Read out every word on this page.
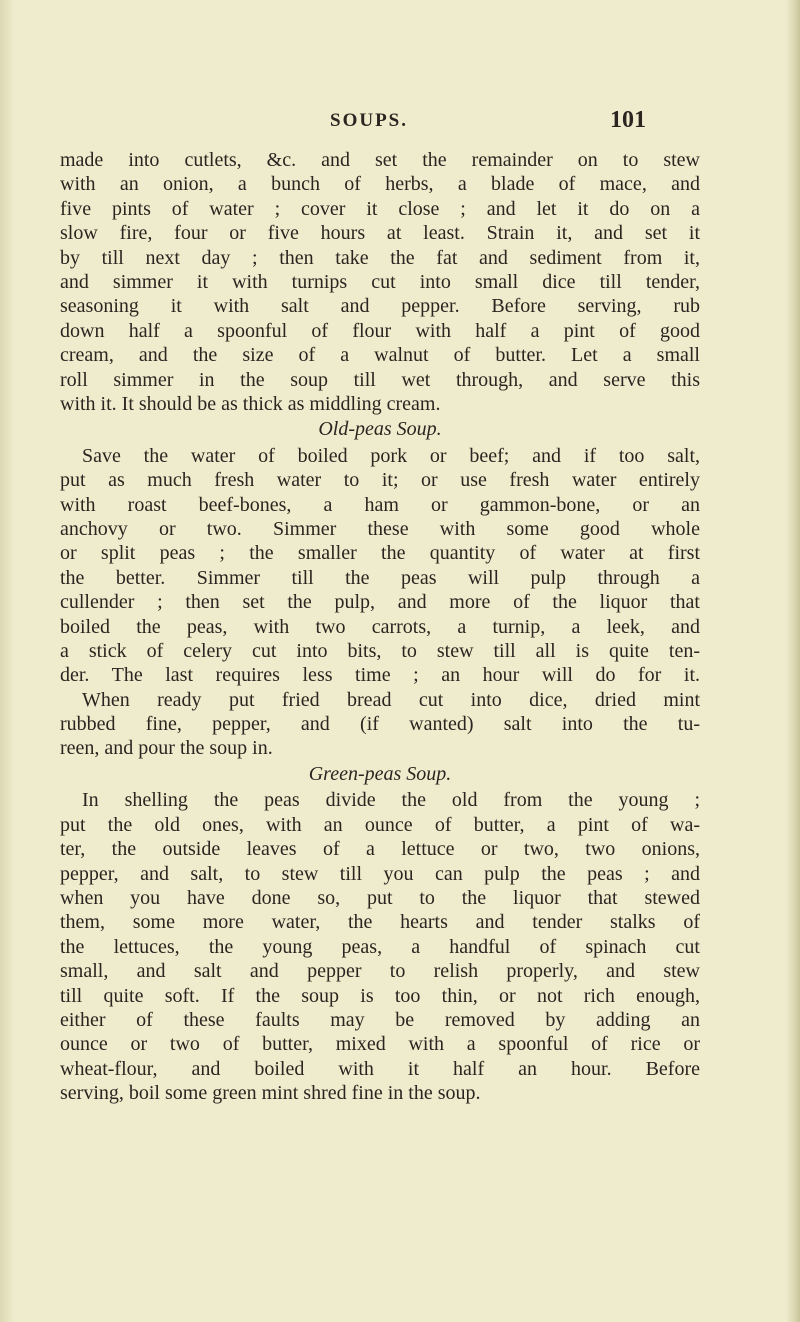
SOUPS.	101
made into cutlets, &c. and set the remainder on to stew
with an onion, a bunch of herbs, a blade of mace, and
five pints of water ; cover it close ; and let it do on a
slow fire, four or five hours at least. Strain it, and set it
by till next day ; then take the fat and sediment from it,
and simmer it with turnips cut into small dice till tender,
seasoning it with salt and pepper. Before serving, rub
down half a spoonful of flour with half a pint of good
cream, and the size of a walnut of butter. Let a small
roll simmer in the soup till wet through, and serve this
with it. It should be as thick as middling cream.
Old-peas Soup.
Save the water of boiled pork or beef; and if too salt,
put as much fresh water to it; or use fresh water entirely
with roast beef-bones, a ham or gammon-bone, or an
anchovy or two. Simmer these with some good whole
or split peas ; the smaller the quantity of water at first
the better. Simmer till the peas will pulp through a
cullender ; then set the pulp, and more of the liquor that
boiled the peas, with two carrots, a turnip, a leek, and
a stick of celery cut into bits, to stew till all is quite ten-
der. The last requires less time ; an hour will do for it.
When ready put fried bread cut into dice, dried mint
rubbed fine, pepper, and (if wanted) salt into the tu-
reen, and pour the soup in.
Green-peas Soup.
In shelling the peas divide the old from the young ;
put the old ones, with an ounce of butter, a pint of wa-
ter, the outside leaves of a lettuce or two, two onions,
pepper, and salt, to stew till you can pulp the peas ; and
when you have done so, put to the liquor that stewed
them, some more water, the hearts and tender stalks of
the lettuces, the young peas, a handful of spinach cut
small, and salt and pepper to relish properly, and stew
till quite soft. If the soup is too thin, or not rich enough,
either of these faults may be removed by adding an
ounce or two of butter, mixed with a spoonful of rice or
wheat-flour, and boiled with it half an hour. Before
serving, boil some green mint shred fine in the soup.
